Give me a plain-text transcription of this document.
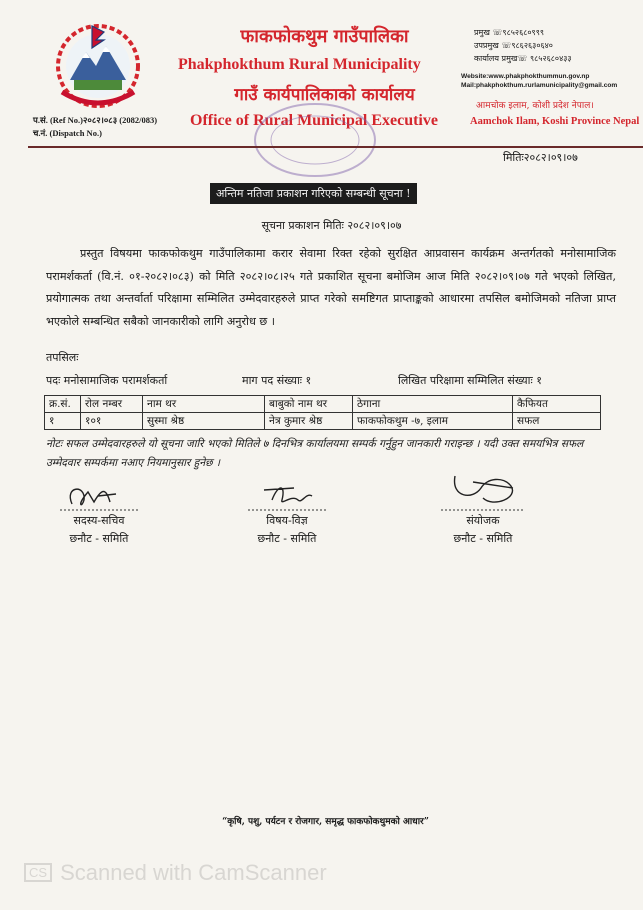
फाकफोकथुम गाउँपालिका
Phakphokthum Rural Municipality
गाउँ कार्यपालिकाको कार्यालय
Office of Rural Municipal Executive
प्रमुख ☏९८५२६८०९९९
उपप्रमुख ☏९८६२६३०६४०
कार्यालय प्रमुख☏ ९८५२६८०४३३
Website:www.phakphokthummun.gov.np
Mail:phakphokthum.rurlamunicipality@gmail.com
आमचोक इलाम, कोशी प्रदेश नेपाल।
Aamchok Ilam, Koshi Province Nepal
प.सं. (Ref No.)२०८२।०८३ (2082/083)
च.नं. (Dispatch No.)
मितिः२०८२।०९।०७
अन्तिम नतिजा प्रकाशन गरिएको सम्बन्धी सूचना !
सूचना प्रकाशन मितिः २०८२।०९।०७

प्रस्तुत विषयमा फाकफोकथुम गाउँपालिकामा करार सेवामा रिक्त रहेको सुरक्षित आप्रवासन कार्यक्रम अन्तर्गतको मनोसामाजिक परामर्शकर्ता (वि.नं. ०१-२०८२।०८३) को मिति २०८२।०८।२५ गते प्रकाशित सूचना बमोजिम आज मिति २०८२।०९।०७ गते भएको लिखित, प्रयोगात्मक तथा अन्तर्वार्ता परिक्षामा सम्मिलित उम्मेदवारहरुले प्राप्त गरेको समष्टिगत प्राप्ताङ्कको आधारमा तपसिल बमोजिमको नतिजा प्राप्त भएकोले सम्बन्धित सबैको जानकारीको लागि अनुरोध छ ।

तपसिलः
पदः मनोसामाजिक परामर्शकर्ता	माग पद संख्याः १	लिखित परिक्षामा सम्मिलित संख्याः १
क्र.सं.	रोल नम्बर	नाम थर	बाबुको नाम थर	ठेगाना	कैफियत
१	१०१	सुस्मा श्रेष्ठ	नेत्र कुमार श्रेष्ठ	फाकफोकथुम -७, इलाम	सफल

नोटः सफल उम्मेदवारहरुले यो सूचना जारि भएको मितिले ७ दिनभित्र कार्यालयमा सम्पर्क गर्नुहुन जानकारी गराइन्छ । यदी उक्त समयभित्र सफल उम्मेदवार सम्पर्कमा नआए नियमानुसार हुनेछ ।

सदस्य-सचिव
छनौट - समिति
विषय-विज्ञ
छनौट - समिति
संयोजक
छनौट - समिति
“कृषि, पशु, पर्यटन र रोजगार, समृद्ध फाकफोकथुमको आधार”
CS Scanned with CamScanner
